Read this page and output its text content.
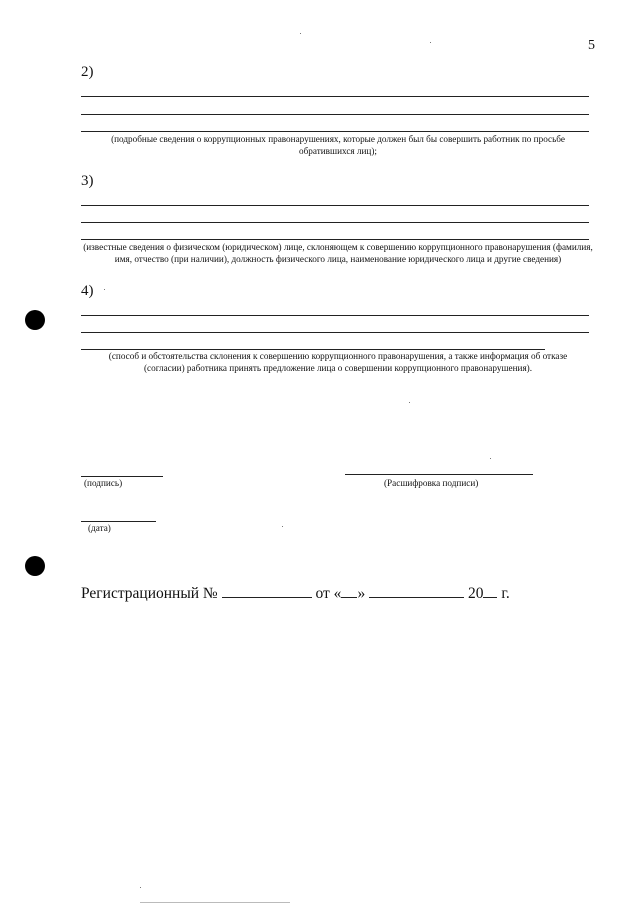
5
2)
(подробные сведения о коррупционных правонарушениях, которые должен был бы совершить работник по просьбе обратившихся лиц);
3)
(известные сведения о физическом (юридическом) лице, склоняющем к совершению коррупционного правонарушения (фамилия, имя, отчество (при наличии), должность физического лица, наименование юридического лица и другие сведения)
4)
(способ и обстоятельства склонения к совершению коррупционного правонарушения, а также информация об отказе (согласии) работника принять предложение лица о совершении коррупционного правонарушения).
(подпись)	(Расшифровка подписи)
(дата)
Регистрационный №	от « »	20 г.
